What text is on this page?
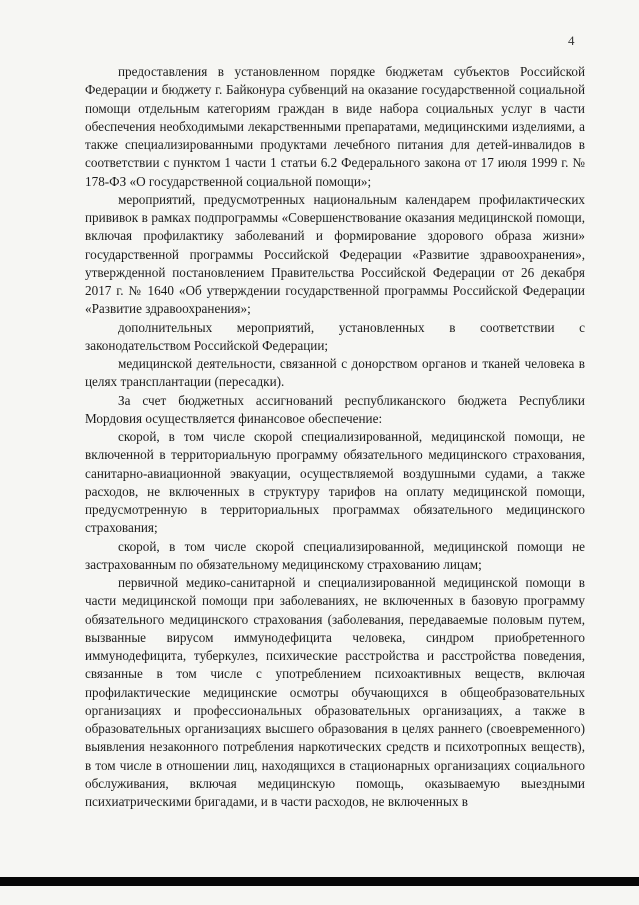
4

предоставления в установленном порядке бюджетам субъектов Российской Федерации и бюджету г. Байконура субвенций на оказание государственной социальной помощи отдельным категориям граждан в виде набора социальных услуг в части обеспечения необходимыми лекарственными препаратами, медицинскими изделиями, а также специализированными продуктами лечебного питания для детей-инвалидов в соответствии с пунктом 1 части 1 статьи 6.2 Федерального закона от 17 июля 1999 г. № 178-ФЗ «О государственной социальной помощи»;

мероприятий, предусмотренных национальным календарем профилактических прививок в рамках подпрограммы «Совершенствование оказания медицинской помощи, включая профилактику заболеваний и формирование здорового образа жизни» государственной программы Российской Федерации «Развитие здравоохранения», утвержденной постановлением Правительства Российской Федерации от 26 декабря 2017 г. № 1640 «Об утверждении государственной программы Российской Федерации «Развитие здравоохранения»;

дополнительных мероприятий, установленных в соответствии с законодательством Российской Федерации;

медицинской деятельности, связанной с донорством органов и тканей человека в целях трансплантации (пересадки).

За счет бюджетных ассигнований республиканского бюджета Республики Мордовия осуществляется финансовое обеспечение:

скорой, в том числе скорой специализированной, медицинской помощи, не включенной в территориальную программу обязательного медицинского страхования, санитарно-авиационной эвакуации, осуществляемой воздушными судами, а также расходов, не включенных в структуру тарифов на оплату медицинской помощи, предусмотренную в территориальных программах обязательного медицинского страхования;

скорой, в том числе скорой специализированной, медицинской помощи не застрахованным по обязательному медицинскому страхованию лицам;

первичной медико-санитарной и специализированной медицинской помощи в части медицинской помощи при заболеваниях, не включенных в базовую программу обязательного медицинского страхования (заболевания, передаваемые половым путем, вызванные вирусом иммунодефицита человека, синдром приобретенного иммунодефицита, туберкулез, психические расстройства и расстройства поведения, связанные в том числе с употреблением психоактивных веществ, включая профилактические медицинские осмотры обучающихся в общеобразовательных организациях и профессиональных образовательных организациях, а также в образовательных организациях высшего образования в целях раннего (своевременного) выявления незаконного потребления наркотических средств и психотропных веществ), в том числе в отношении лиц, находящихся в стационарных организациях социального обслуживания, включая медицинскую помощь, оказываемую выездными психиатрическими бригадами, и в части расходов, не включенных в
